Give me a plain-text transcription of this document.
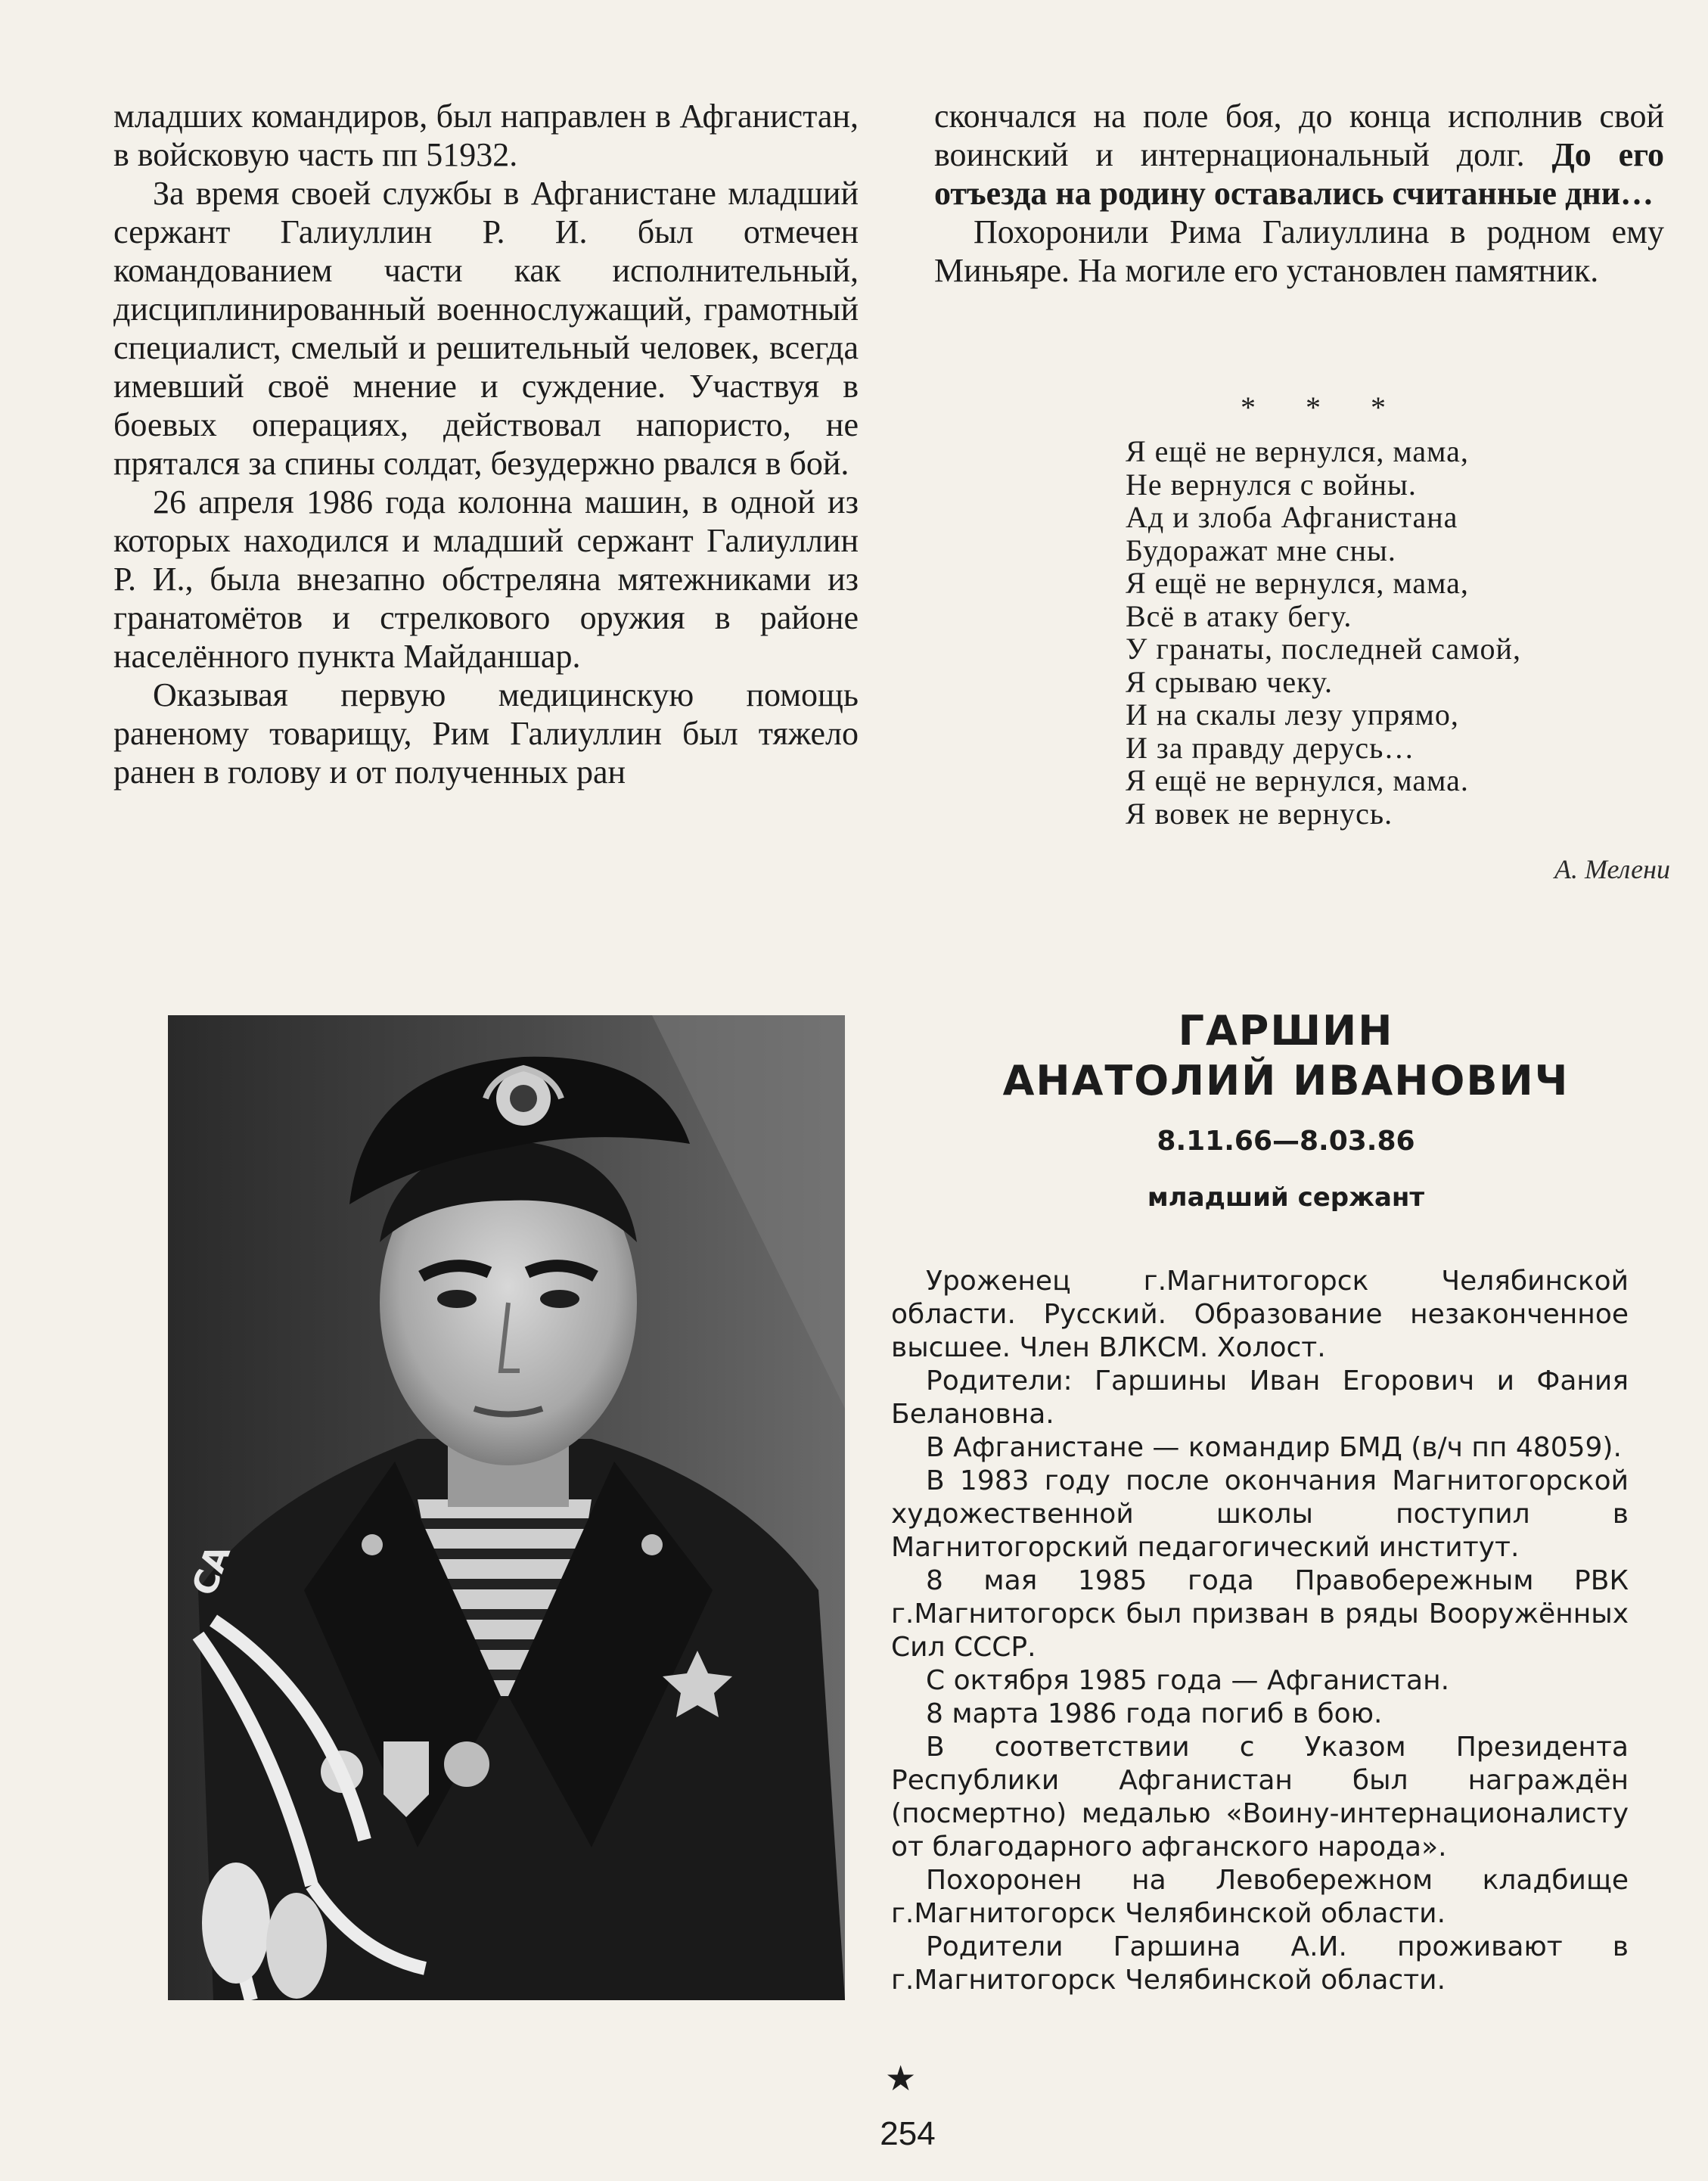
младших командиров, был направлен в Афганистан, в войсковую часть пп 51932.

За время своей службы в Афганистане младший сержант Галиуллин Р. И. был отмечен командованием части как исполнительный, дисциплинированный военнослужащий, грамотный специалист, смелый и решительный человек, всегда имевший своё мнение и суждение. Участвуя в боевых операциях, действовал напористо, не прятался за спины солдат, безудержно рвался в бой.

26 апреля 1986 года колонна машин, в одной из которых находился и младший сержант Галиуллин Р. И., была внезапно обстреляна мятежниками из гранатомётов и стрелкового оружия в районе населённого пункта Майданшар.

Оказывая первую медицинскую помощь раненому товарищу, Рим Галиуллин был тяжело ранен в голову и от полученных ран

скончался на поле боя, до конца исполнив свой воинский и интернациональный долг. До его отъезда на родину оставались считанные дни…

Похоронили Рима Галиуллина в родном ему Миньяре. На могиле его установлен памятник.

* * *
Я ещё не вернулся, мама,
Не вернулся с войны.
Ад и злоба Афганистана
Будоражат мне сны.
Я ещё не вернулся, мама,
Всё в атаку бегу.
У гранаты, последней самой,
Я срываю чеку.
И на скалы лезу упрямо,
И за правду дерусь…
Я ещё не вернулся, мама.
Я вовек не вернусь.
А. Мелени
СА
ГАРШИН
АНАТОЛИЙ ИВАНОВИЧ
8.11.66—8.03.86
младший сержант

Уроженец г.Магнитогорск Челябинской области. Русский. Образование незаконченное высшее. Член ВЛКСМ. Холост.

Родители: Гаршины Иван Егорович и Фания Белановна.

В Афганистане — командир БМД (в/ч пп 48059).

В 1983 году после окончания Магнитогорской художественной школы поступил в Магнитогорский педагогический институт.

8 мая 1985 года Правобережным РВК г.Магнитогорск был призван в ряды Вооружённых Сил СССР.

С октября 1985 года — Афганистан.

8 марта 1986 года погиб в бою.

В соответствии с Указом Президента Республики Афганистан был награждён (посмертно) медалью «Воину-интернационалисту от благодарного афганского народа».

Похоронен на Левобережном кладбище г.Магнитогорск Челябинской области.

Родители Гаршина А.И. проживают в г.Магнитогорск Челябинской области.

★
254
